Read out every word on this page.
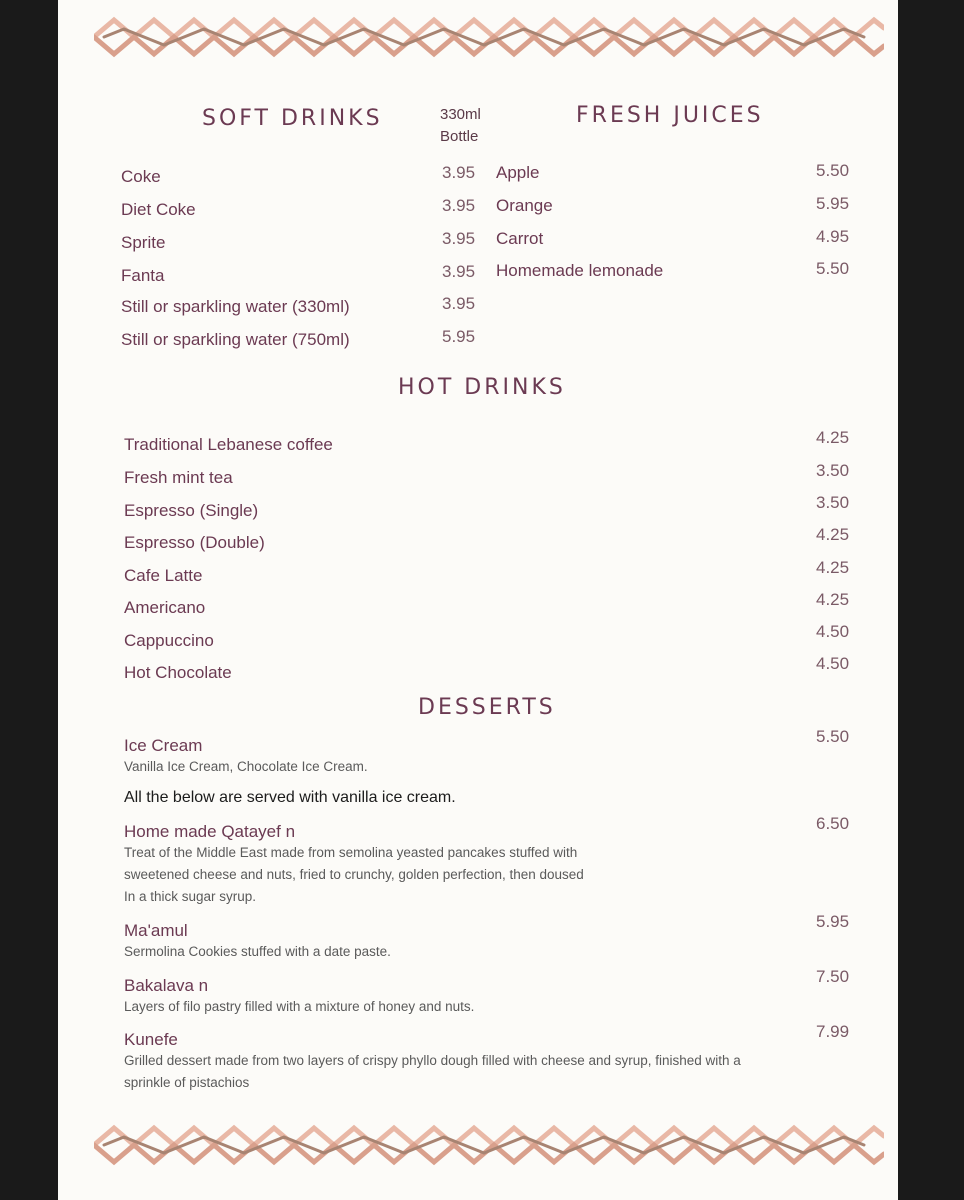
SOFT DRINKS	330ml
Bottle
Coke
Diet Coke
Sprite
Fanta
Still or sparkling water (330ml)
Still or sparkling water (750ml)
3.95
3.95
3.95
3.95
3.95
5.95
FRESH JUICES
Apple
Orange
Carrot
Homemade lemonade
5.50
5.95
4.95
5.50
HOT DRINKS
Traditional Lebanese coffee
Fresh mint tea
Espresso (Single)
Espresso (Double)
Cafe Latte
Americano
Cappuccino
Hot Chocolate
4.25
3.50
3.50
4.25
4.25
4.25
4.50
4.50
DESSERTS
Ice Cream
Vanilla Ice Cream, Chocolate Ice Cream.
5.50
All the below are served with vanilla ice cream.
Home made Qatayef n
Treat of the Middle East made from semolina yeasted pancakes stuffed with sweetened cheese and nuts, fried to crunchy, golden perfection, then doused In a thick sugar syrup.
6.50
Ma'amul
Sermolina Cookies stuffed with a date paste.
5.95
Bakalava n
Layers of filo pastry filled with a mixture of honey and nuts.
7.50
Kunefe
Grilled dessert made from two layers of crispy phyllo dough filled with cheese and syrup, finished with a sprinkle of pistachios
7.99
